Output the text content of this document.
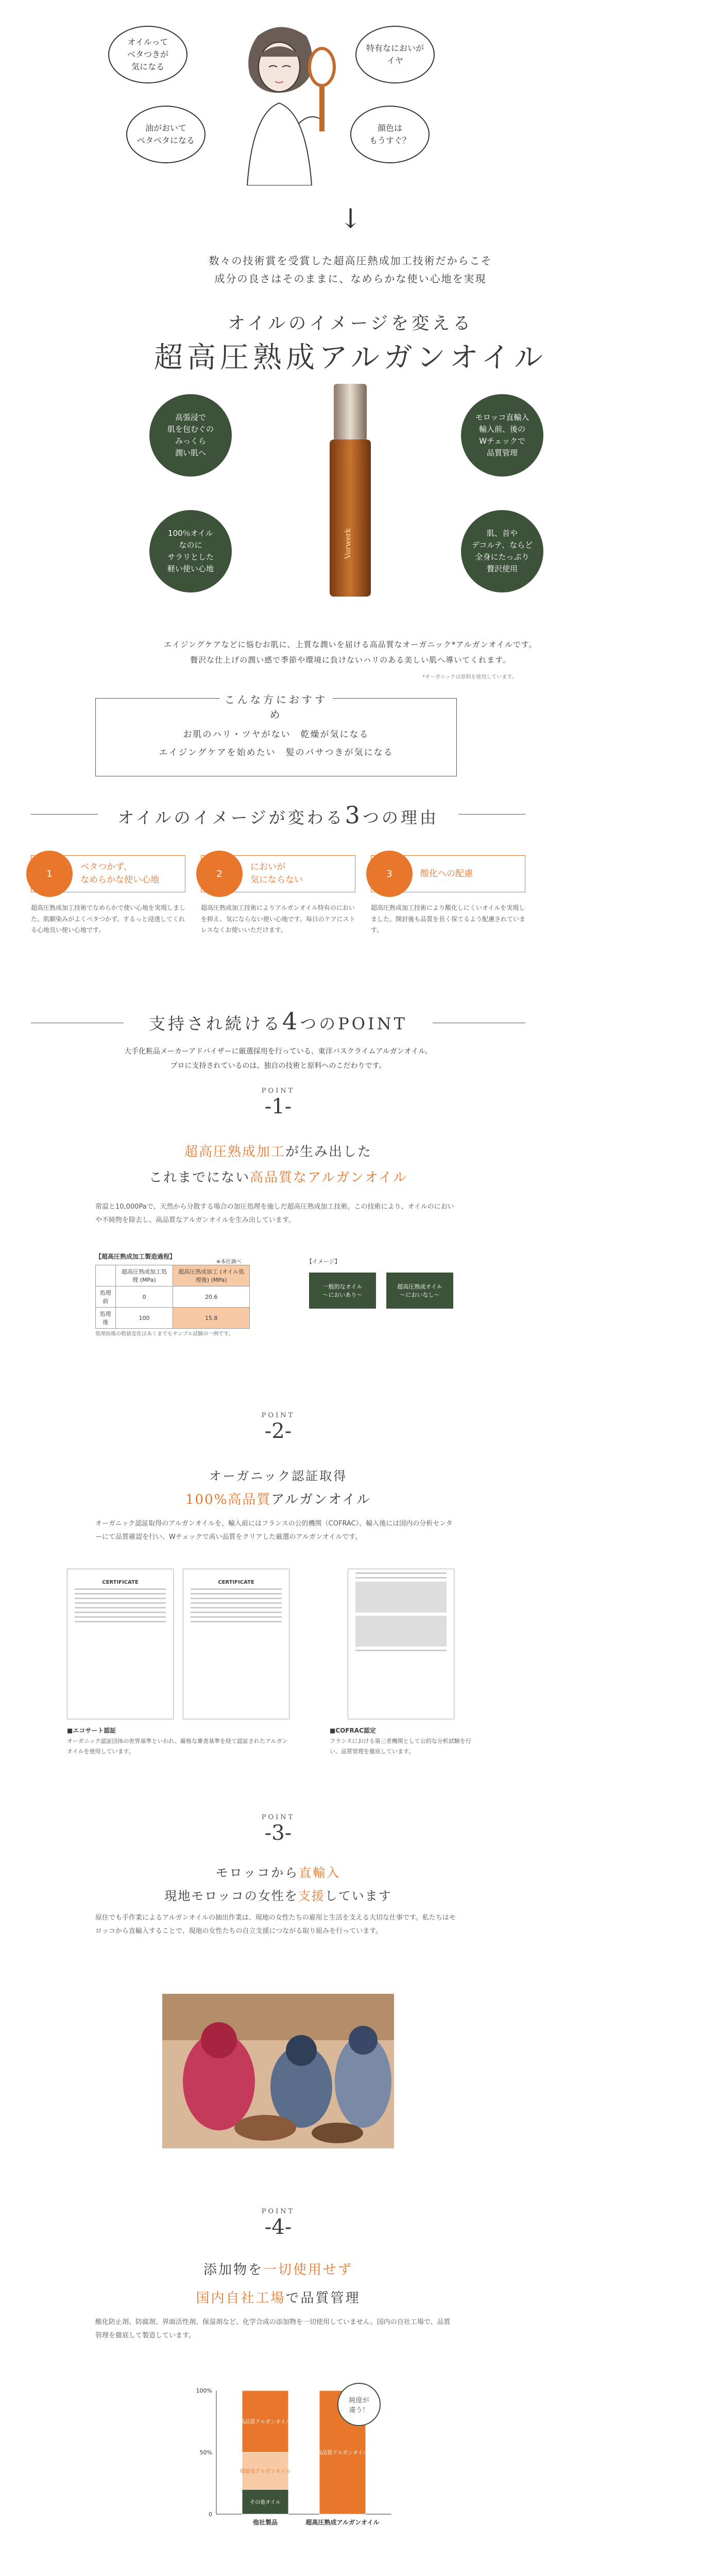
オイルって
ベタつきが
気になる
特有なにおいが
イヤ
油がおいて
ベタベタになる
顔色は
もうすぐ？
↓
数々の技術賞を受賞した超高圧熱成加工技術だからこそ
成分の良さはそのままに、なめらかな使い心地を実現
オイルのイメージを変える
超高圧熟成アルガンオイル
高張浸で
肌を包むぐの
みっくら
潤い肌へ
モロッコ直輸入
輸入前、後の
Wチェックで
品質管理
100％オイル
なのに
サラリとした
軽い使い心地
肌、首や
デコルテ、ならど
全身にたっぷり
贅沢使用
Vorwerk
エイジングケアなどに悩むお肌に、上質な潤いを届ける高品質なオーガニック*アルガンオイルです。
贅沢な仕上げの潤い感で季節や環境に負けないハリのある美しい肌へ導いてくれます。
*オーガニックは原料を使用しています。
こんな方におすすめ
お肌のハリ・ツヤがない　乾燥が気になる
エイジングケアを始めたい　髪のパサつきが気になる
オイルのイメージが変わる3つの理由
1
ベタつかず、
なめらかな使い心地
超高圧熟成加工技術でなめらかで使い心地を実現しました。肌馴染みがよくベタつかず、するっと浸透してくれる心地良い使い心地です。
2
においが
気にならない
超高圧熟成加工技術によりアルガンオイル特有のにおいを抑え、気にならない使い心地です。毎日のケアにストレスなくお使いいただけます。
3	酸化への配慮
超高圧熟成加工技術により酸化しにくいオイルを実現しました。開封後も品質を長く保てるよう配慮されています。
支持され続ける4つのPOINT
大手化粧品メーカーアドバイザーに厳選採用を行っている、東洋バスクライムアルガンオイル。
プロに支持されているのは、独自の技術と原料へのこだわりです。
POINT
-1-
超高圧熟成加工が生み出した
これまでにない高品質なアルガンオイル
常温と10,000Paで、天然から分散する場合の加圧処理を施しだ超高圧熟成加工技術。この技術により、オイルのにおいや不純物を除去し、高品質なアルガンオイルを生み出しています。
【超高圧熟成加工製造過程】
※本社調べ
	超高圧熟成加工処理 (MPa)	超高圧熟成加工 (オイル処理後) (MPa)
処理前	0	20.6
処理後	100	15.8
【イメージ】
一般的なオイル
〜においあり〜
超高圧熟成オイル
〜においなし〜
処理前後の数値変化はあくまでもサンプル試験の一例です。
POINT
-2-
オーガニック認証取得
100%高品質アルガンオイル
オーガニック認証取得のアルガンオイルを、輸入前にはフランスの公的機関（COFRAC）、輸入後には国内の分析センターにて品質確認を行い、Wチェックで高い品質をクリアした厳選のアルガンオイルです。
CERTIFICATE	CERTIFICATE
■エコサート認証
オーガニック認証団体の世界基準といわれ、厳格な審査基準を経て認証されたアルガンオイルを使用しています。
■COFRAC認定
フランスにおける第三者機関として公的な分析試験を行い、品質管理を徹底しています。
POINT
-3-
モロッコから直輸入
現地モロッコの女性を支援しています
原住でも手作業によるアルガンオイルの抽出作業は、現地の女性たちの雇用と生活を支える大切な仕事です。私たちはモロッコから直輸入することで、現地の女性たちの自立支援につながる取り組みを行っています。
POINT
-4-
添加物を一切使用せず
国内自社工場で品質管理
酸化防止剤、防腐剤、界面活性剤、保湿剤など、化学合成の添加物を一切使用していません。国内の自社工場で、品質管理を徹底して製造しています。
100%
50%
0
その他オイル
増量用アルガンオイル
高品質アルガンオイル
他社製品
高品質アルガンオイル
超高圧熟成アルガンオイル
純度が
違う！
